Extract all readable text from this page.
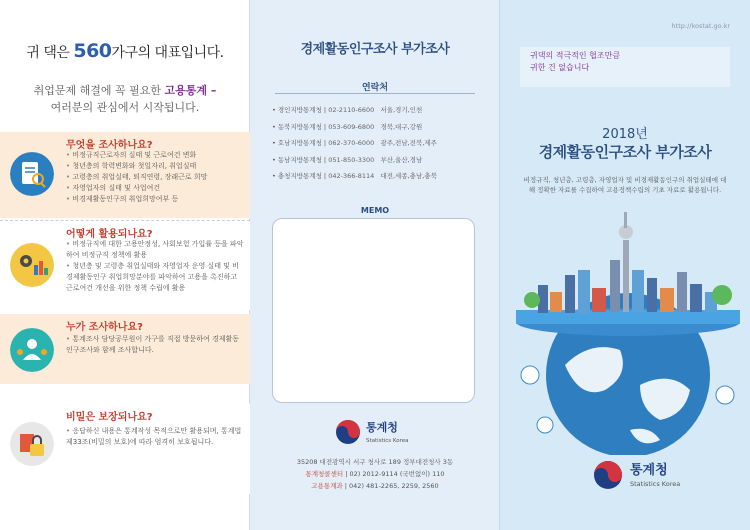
귀 댁은 560가구의 대표입니다.
취업문제 해결에 꼭 필요한 고용통계 –
여러분의 관심에서 시작됩니다.
무엇을 조사하나요?
• 비정규직근로자의 실태 및 근로여건 변화
• 청년층의 학력변화와 첫일자리, 취업실태
• 고령층의 취업실태, 퇴직연령, 장래근로 희망
• 자영업자의 실태 및 사업여건
• 비경제활동인구의 취업희망여부 등
어떻게 활용되나요?
• 비정규직에 대한 고용안정성, 사회보험 가입률 등을 파악하여 비정규직 정책에 활용
• 청년층 및 고령층 취업실태와 자영업자 운영 실태 및 비경제활동인구 취업희망분야를 파악하여 고용을 촉진하고 근로여건 개선을 위한 정책 수립에 활용
누가 조사하나요?
• 통계조사 담당공무원이 가구를 직접 방문하여 경제활동인구조사와 함께 조사합니다.
비밀은 보장되나요?
• 응답하신 내용은 통계작성 목적으로만 활용되며, 통계법 제33조(비밀의 보호)에 따라 엄격히 보호됩니다.
경제활동인구조사 부가조사
연락처
• 경인지방통계청 | 02-2110-6600 서울,경기,인천
• 동북지방통계청 | 053-609-6800 경북,대구,강원
• 호남지방통계청 | 062-370-6000 광주,전남,전북,제주
• 동남지방통계청 | 051-850-3300 부산,울산,경남
• 충청지방통계청 | 042-366-8114 대전,세종,충남,충북
MEMO
통계청
Statistics Korea
35208 대전광역시 서구 청사로 189 정부대전청사 3동
통계청콜센터 | 02) 2012-9114 (국번없이) 110
고용통계과 | 042) 481-2265, 2259, 2560
http://kostat.go.kr
귀댁의 적극적인 협조만큼
귀한 건 없습니다
2018년
경제활동인구조사 부가조사
비정규직, 청년층, 고령층, 자영업자 및 비경제활동인구의 취업실태에 대해 정확한 자료를 수집하여 고용정책수립의 기초 자료로 활용됩니다.
통계청
Statistics Korea
